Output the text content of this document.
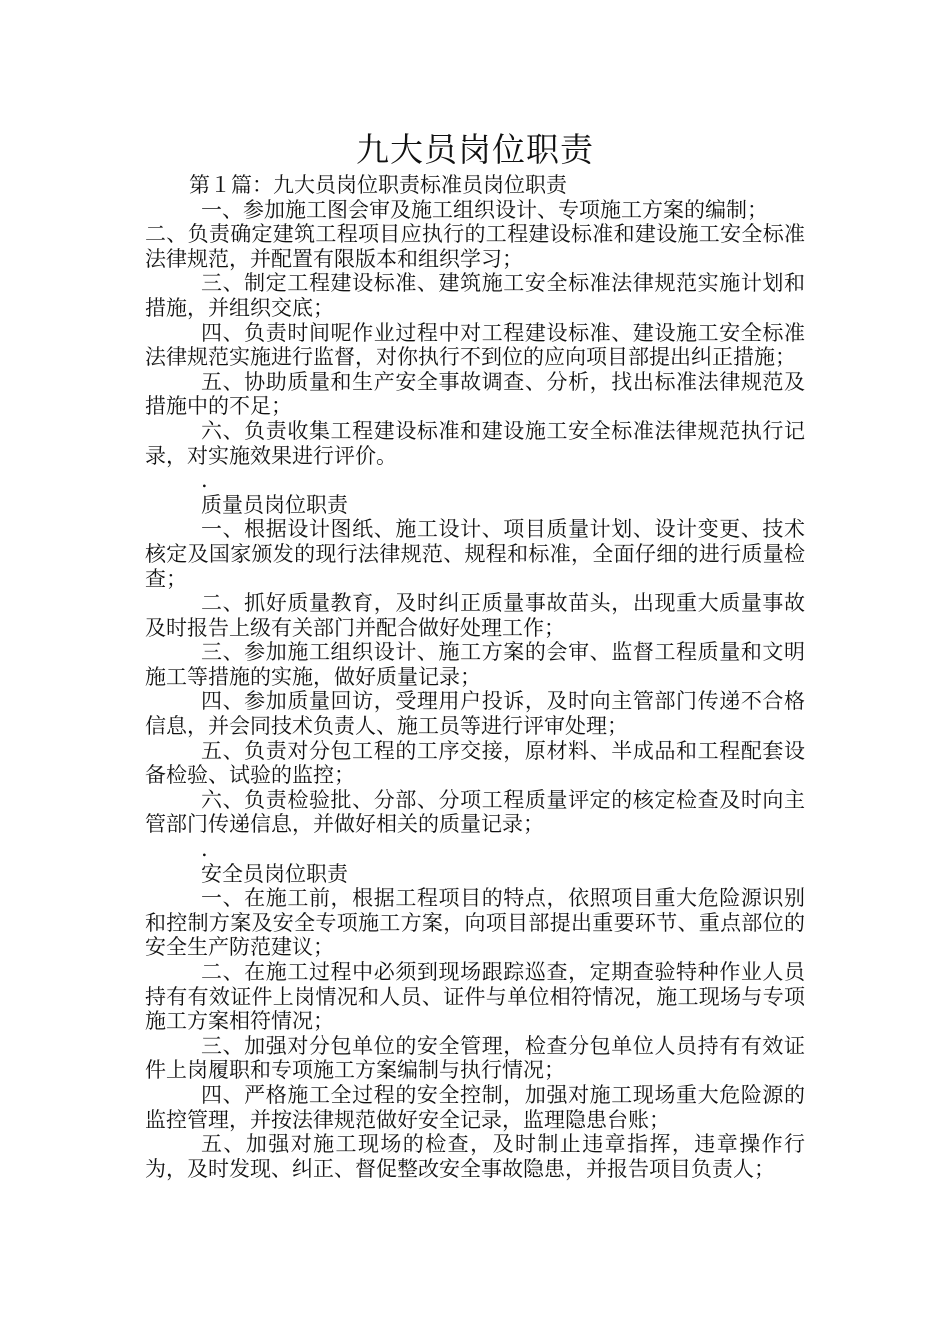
九大员岗位职责

第１篇：九大员岗位职责标准员岗位职责

一、参加施工图会审及施工组织设计、专项施工方案的编制；

二、负责确定建筑工程项目应执行的工程建设标准和建设施工安全标准法律规范，并配置有限版本和组织学习；

三、制定工程建设标准、建筑施工安全标准法律规范实施计划和措施，并组织交底；

四、负责时间呢作业过程中对工程建设标准、建设施工安全标准法律规范实施进行监督，对你执行不到位的应向项目部提出纠正措施；

五、协助质量和生产安全事故调查、分析，找出标准法律规范及措施中的不足；

六、负责收集工程建设标准和建设施工安全标准法律规范执行记录，对实施效果进行评价。

.
质量员岗位职责

一、根据设计图纸、施工设计、项目质量计划、设计变更、技术核定及国家颁发的现行法律规范、规程和标准，全面仔细的进行质量检查；

二、抓好质量教育，及时纠正质量事故苗头，出现重大质量事故及时报告上级有关部门并配合做好处理工作；

三、参加施工组织设计、施工方案的会审、监督工程质量和文明施工等措施的实施，做好质量记录；

四、参加质量回访，受理用户投诉，及时向主管部门传递不合格信息，并会同技术负责人、施工员等进行评审处理；

五、负责对分包工程的工序交接，原材料、半成品和工程配套设备检验、试验的监控；

六、负责检验批、分部、分项工程质量评定的核定检查及时向主管部门传递信息，并做好相关的质量记录；

.
安全员岗位职责

一、在施工前，根据工程项目的特点，依照项目重大危险源识别和控制方案及安全专项施工方案，向项目部提出重要环节、重点部位的安全生产防范建议；

二、在施工过程中必须到现场跟踪巡查，定期查验特种作业人员持有有效证件上岗情况和人员、证件与单位相符情况，施工现场与专项施工方案相符情况；

三、加强对分包单位的安全管理，检查分包单位人员持有有效证件上岗履职和专项施工方案编制与执行情况；

四、严格施工全过程的安全控制，加强对施工现场重大危险源的监控管理，并按法律规范做好安全记录，监理隐患台账；

五、加强对施工现场的检查，及时制止违章指挥，违章操作行为，及时发现、纠正、督促整改安全事故隐患，并报告项目负责人；
